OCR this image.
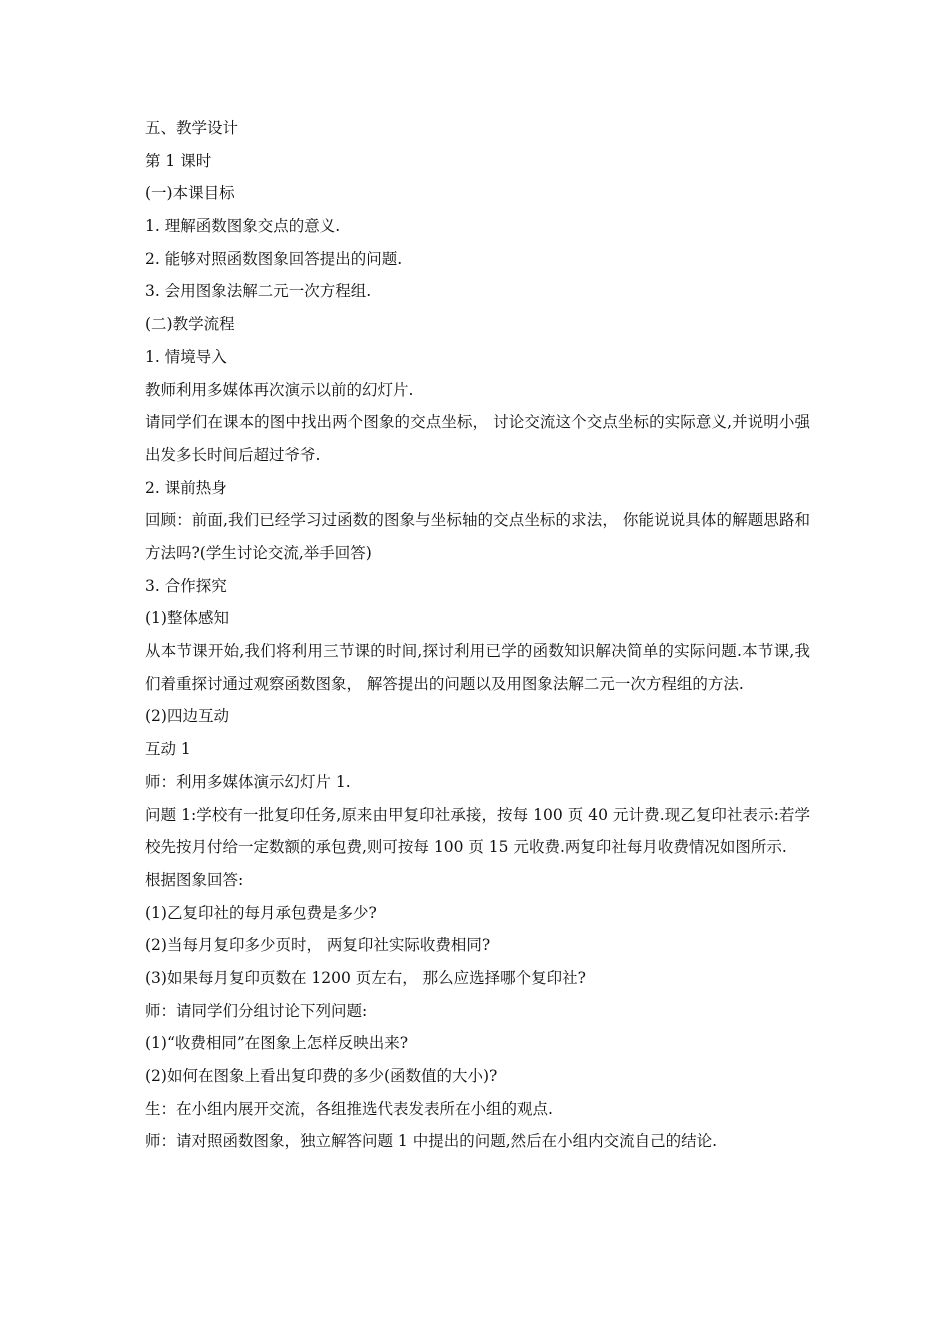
五、教学设计

第 1 课时

(一)本课目标

1. 理解函数图象交点的意义.

2. 能够对照函数图象回答提出的问题.

3. 会用图象法解二元一次方程组.

(二)教学流程

1. 情境导入

教师利用多媒体再次演示以前的幻灯片.

请同学们在课本的图中找出两个图象的交点坐标， 讨论交流这个交点坐标的实际意义,并说明小强出发多长时间后超过爷爷.

2. 课前热身

回顾：前面,我们已经学习过函数的图象与坐标轴的交点坐标的求法， 你能说说具体的解题思路和方法吗?(学生讨论交流,举手回答)

3. 合作探究

(1)整体感知

从本节课开始,我们将利用三节课的时间,探讨利用已学的函数知识解决简单的实际问题.本节课,我们着重探讨通过观察函数图象， 解答提出的问题以及用图象法解二元一次方程组的方法.

(2)四边互动

互动 1

师：利用多媒体演示幻灯片 1.

问题 1:学校有一批复印任务,原来由甲复印社承接，按每 100 页 40 元计费.现乙复印社表示:若学校先按月付给一定数额的承包费,则可按每 100 页 15 元收费.两复印社每月收费情况如图所示.

根据图象回答:

(1)乙复印社的每月承包费是多少?

(2)当每月复印多少页时， 两复印社实际收费相同?

(3)如果每月复印页数在 1200 页左右， 那么应选择哪个复印社?

师：请同学们分组讨论下列问题:

(1)“收费相同”在图象上怎样反映出来?

(2)如何在图象上看出复印费的多少(函数值的大小)?

生：在小组内展开交流，各组推选代表发表所在小组的观点.

师：请对照函数图象，独立解答问题 1 中提出的问题,然后在小组内交流自己的结论.
